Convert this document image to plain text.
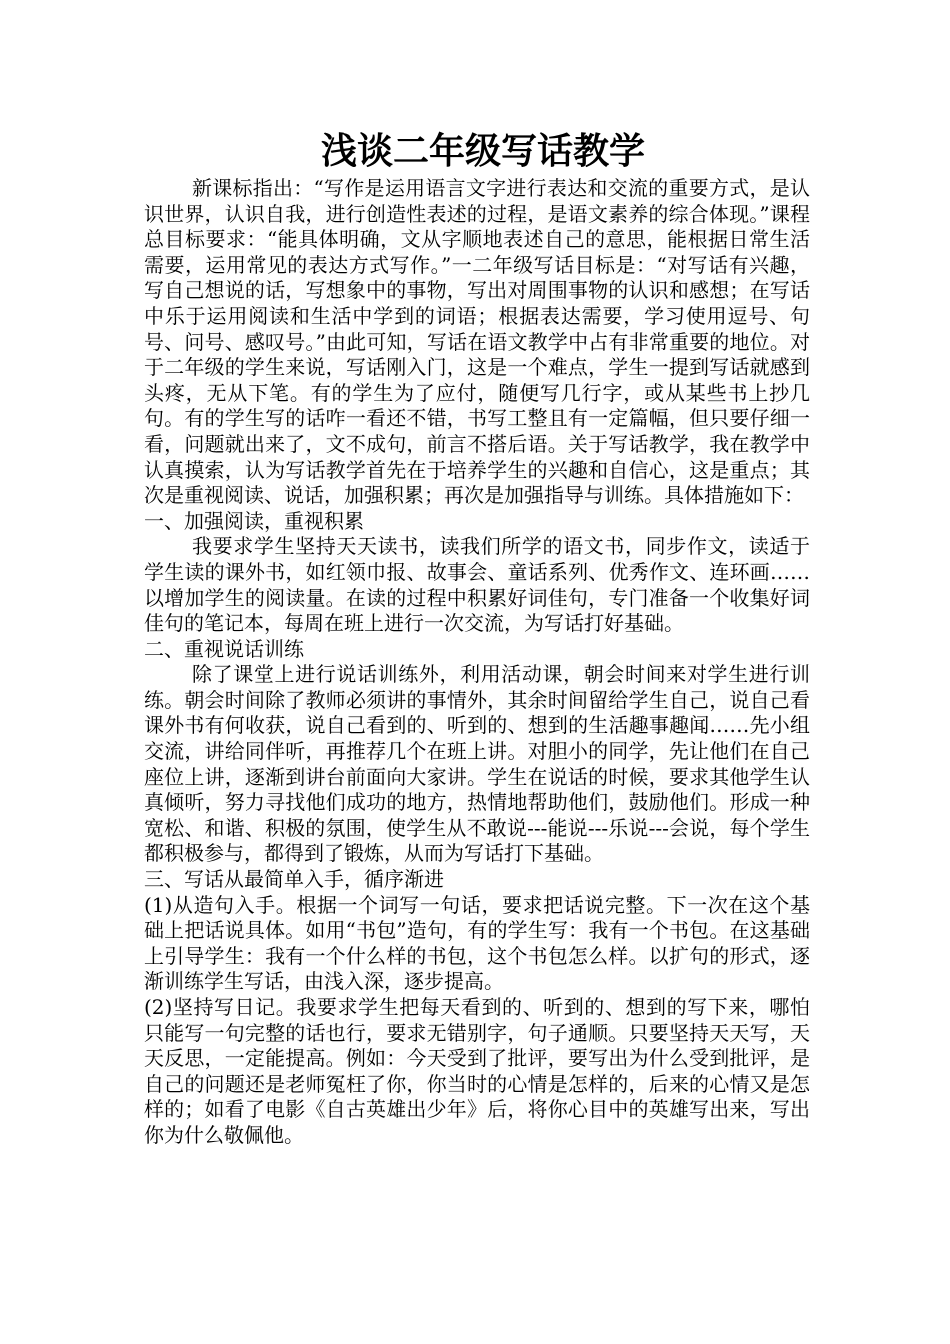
浅谈二年级写话教学

新课标指出：“写作是运用语言文字进行表达和交流的重要方式，是认识世界，认识自我，进行创造性表述的过程，是语文素养的综合体现。”课程总目标要求：“能具体明确，文从字顺地表述自己的意思，能根据日常生活需要，运用常见的表达方式写作。”一二年级写话目标是：“对写话有兴趣，写自己想说的话，写想象中的事物，写出对周围事物的认识和感想；在写话中乐于运用阅读和生活中学到的词语；根据表达需要，学习使用逗号、句号、问号、感叹号。”由此可知，写话在语文教学中占有非常重要的地位。对于二年级的学生来说，写话刚入门，这是一个难点，学生一提到写话就感到头疼，无从下笔。有的学生为了应付，随便写几行字，或从某些书上抄几句。有的学生写的话咋一看还不错，书写工整且有一定篇幅，但只要仔细一看，问题就出来了，文不成句，前言不搭后语。关于写话教学，我在教学中认真摸索，认为写话教学首先在于培养学生的兴趣和自信心，这是重点；其次是重视阅读、说话，加强积累；再次是加强指导与训练。具体措施如下：

一、加强阅读，重视积累

我要求学生坚持天天读书，读我们所学的语文书，同步作文，读适于学生读的课外书，如红领巾报、故事会、童话系列、优秀作文、连环画……以增加学生的阅读量。在读的过程中积累好词佳句，专门准备一个收集好词佳句的笔记本，每周在班上进行一次交流，为写话打好基础。

二、重视说话训练

除了课堂上进行说话训练外，利用活动课，朝会时间来对学生进行训练。朝会时间除了教师必须讲的事情外，其余时间留给学生自己，说自己看课外书有何收获，说自己看到的、听到的、想到的生活趣事趣闻……先小组交流，讲给同伴听，再推荐几个在班上讲。对胆小的同学，先让他们在自己座位上讲，逐渐到讲台前面向大家讲。学生在说话的时候，要求其他学生认真倾听，努力寻找他们成功的地方，热情地帮助他们，鼓励他们。形成一种宽松、和谐、积极的氛围，使学生从不敢说---能说---乐说---会说，每个学生都积极参与，都得到了锻炼，从而为写话打下基础。

三、写话从最简单入手，循序渐进

(1)从造句入手。根据一个词写一句话，要求把话说完整。下一次在这个基础上把话说具体。如用“书包”造句，有的学生写：我有一个书包。在这基础上引导学生：我有一个什么样的书包，这个书包怎么样。以扩句的形式，逐渐训练学生写话，由浅入深，逐步提高。

(2)坚持写日记。我要求学生把每天看到的、听到的、想到的写下来，哪怕只能写一句完整的话也行，要求无错别字，句子通顺。只要坚持天天写，天天反思，一定能提高。例如：今天受到了批评，要写出为什么受到批评，是自己的问题还是老师冤枉了你，你当时的心情是怎样的，后来的心情又是怎样的；如看了电影《自古英雄出少年》后，将你心目中的英雄写出来，写出你为什么敬佩他。
